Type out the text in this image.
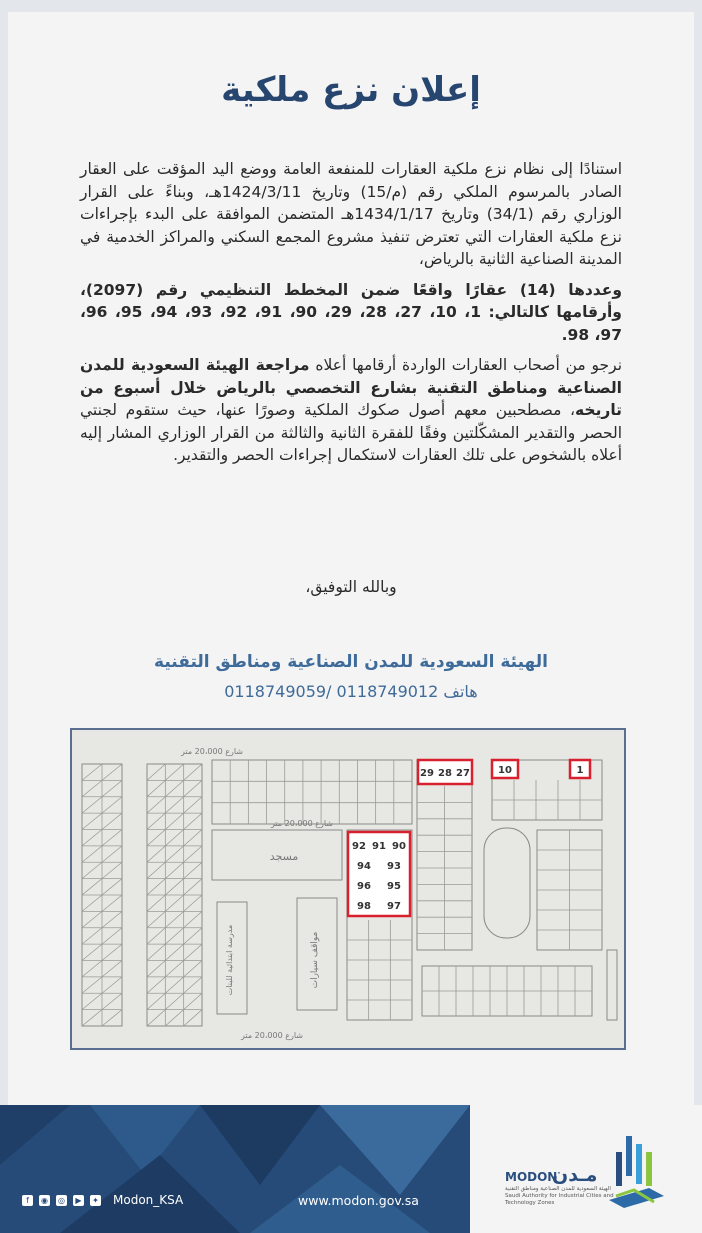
إعلان نزع ملكية

استنادًا إلى نظام نزع ملكية العقارات للمنفعة العامة ووضع اليد المؤقت على العقار الصادر بالمرسوم الملكي رقم (م/15) وتاريخ 1424/3/11هـ، وبناءً على القرار الوزاري رقم (34/1) وتاريخ 1434/1/17هـ المتضمن الموافقة على البدء بإجراءات نزع ملكية العقارات التي تعترض تنفيذ مشروع المجمع السكني والمراكز الخدمية في المدينة الصناعية الثانية بالرياض،

وعددها (14) عقارًا واقعًا ضمن المخطط التنظيمي رقم (2097)، وأرقامها كالتالي: 1، 10، 27، 28، 29، 90، 91، 92، 93، 94، 95، 96، 97، 98.

نرجو من أصحاب العقارات الواردة أرقامها أعلاه مراجعة الهيئة السعودية للمدن الصناعية ومناطق التقنية بشارع التخصصي بالرياض خلال أسبوع من تاريخه، مصطحبين معهم أصول صكوك الملكية وصورًا عنها، حيث ستقوم لجنتي الحصر والتقدير المشكّلتين وفقًا للفقرة الثانية والثالثة من القرار الوزاري المشار إليه أعلاه بالشخوص على تلك العقارات لاستكمال إجراءات الحصر والتقدير.

وبالله التوفيق،
الهيئة السعودية للمدن الصناعية ومناطق التقنية
هاتف 0118749012 /0118749059
شارع 20،000 متر
شارع 20،000 متر
شارع 20،000 متر
مسجد
مواقف سيارات
مدرسة ابتدائية للبنات
29 28 27	10	1
92 91 90
94 93
96 95
98 97
f	◉ ◎	▶	✦ Modon_KSA	www.modon.gov.sa
MODON
مـدن
الهيئة السعودية للمدن الصناعية ومناطق التقنية Saudi Authority for Industrial Cities and Technology Zones
